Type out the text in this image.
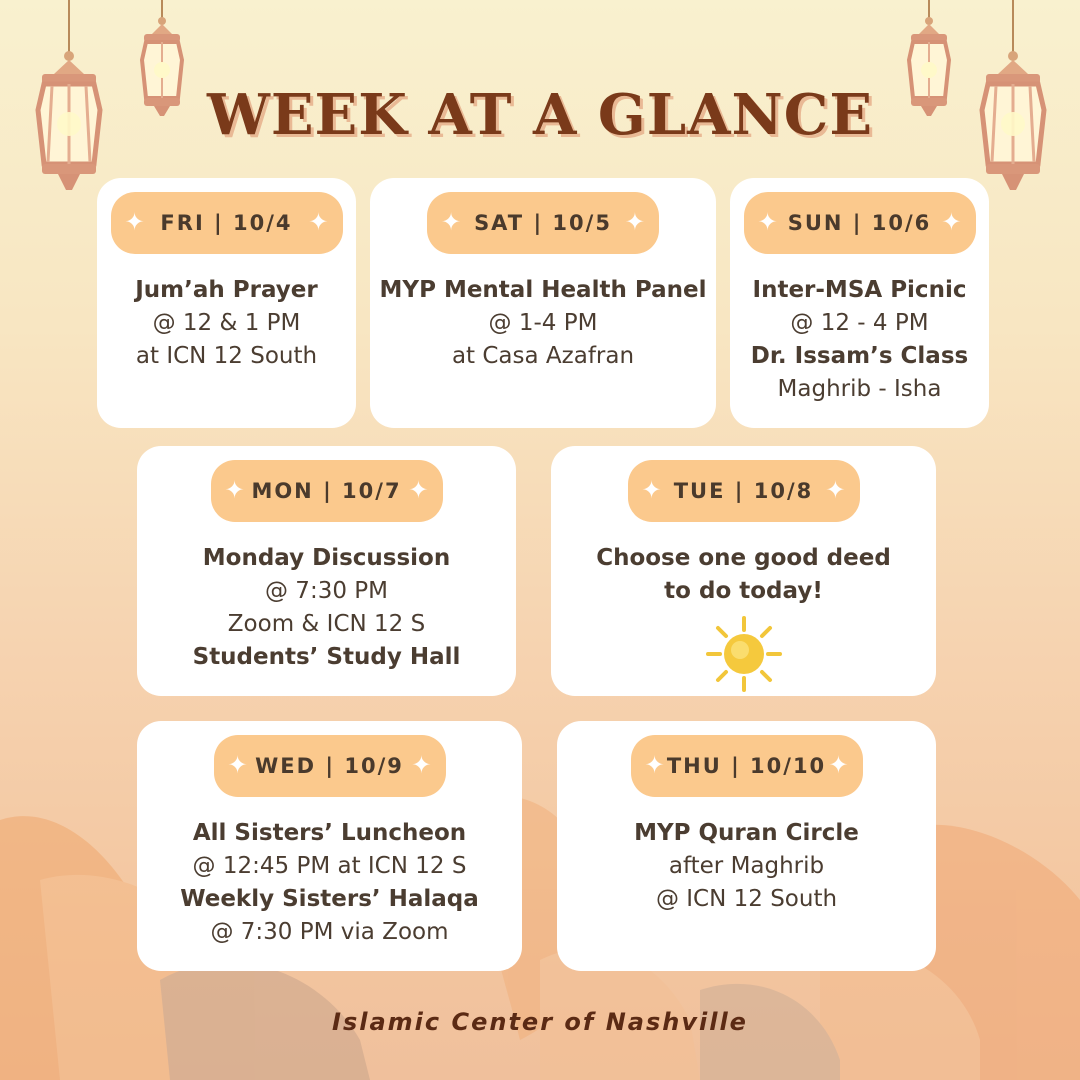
WEEK AT A GLANCE
✦ FRI | 10/4 ✦
Jum’ah Prayer
@ 12 & 1 PM
at ICN 12 South
✦ SAT | 10/5 ✦
MYP Mental Health Panel
@ 1-4 PM
at Casa Azafran
✦ SUN | 10/6 ✦
Inter-MSA Picnic
@ 12 - 4 PM
Dr. Issam’s Class
Maghrib - Isha
✦ MON | 10/7 ✦
Monday Discussion
@ 7:30 PM
Zoom & ICN 12 S
Students’ Study Hall
✦ TUE | 10/8 ✦
Choose one good deed
to do today!
✦ WED | 10/9 ✦
All Sisters’ Luncheon
@ 12:45 PM at ICN 12 S
Weekly Sisters’ Halaqa
@ 7:30 PM via Zoom
✦ THU | 10/10 ✦
MYP Quran Circle
after Maghrib
@ ICN 12 South
Islamic Center of Nashville
